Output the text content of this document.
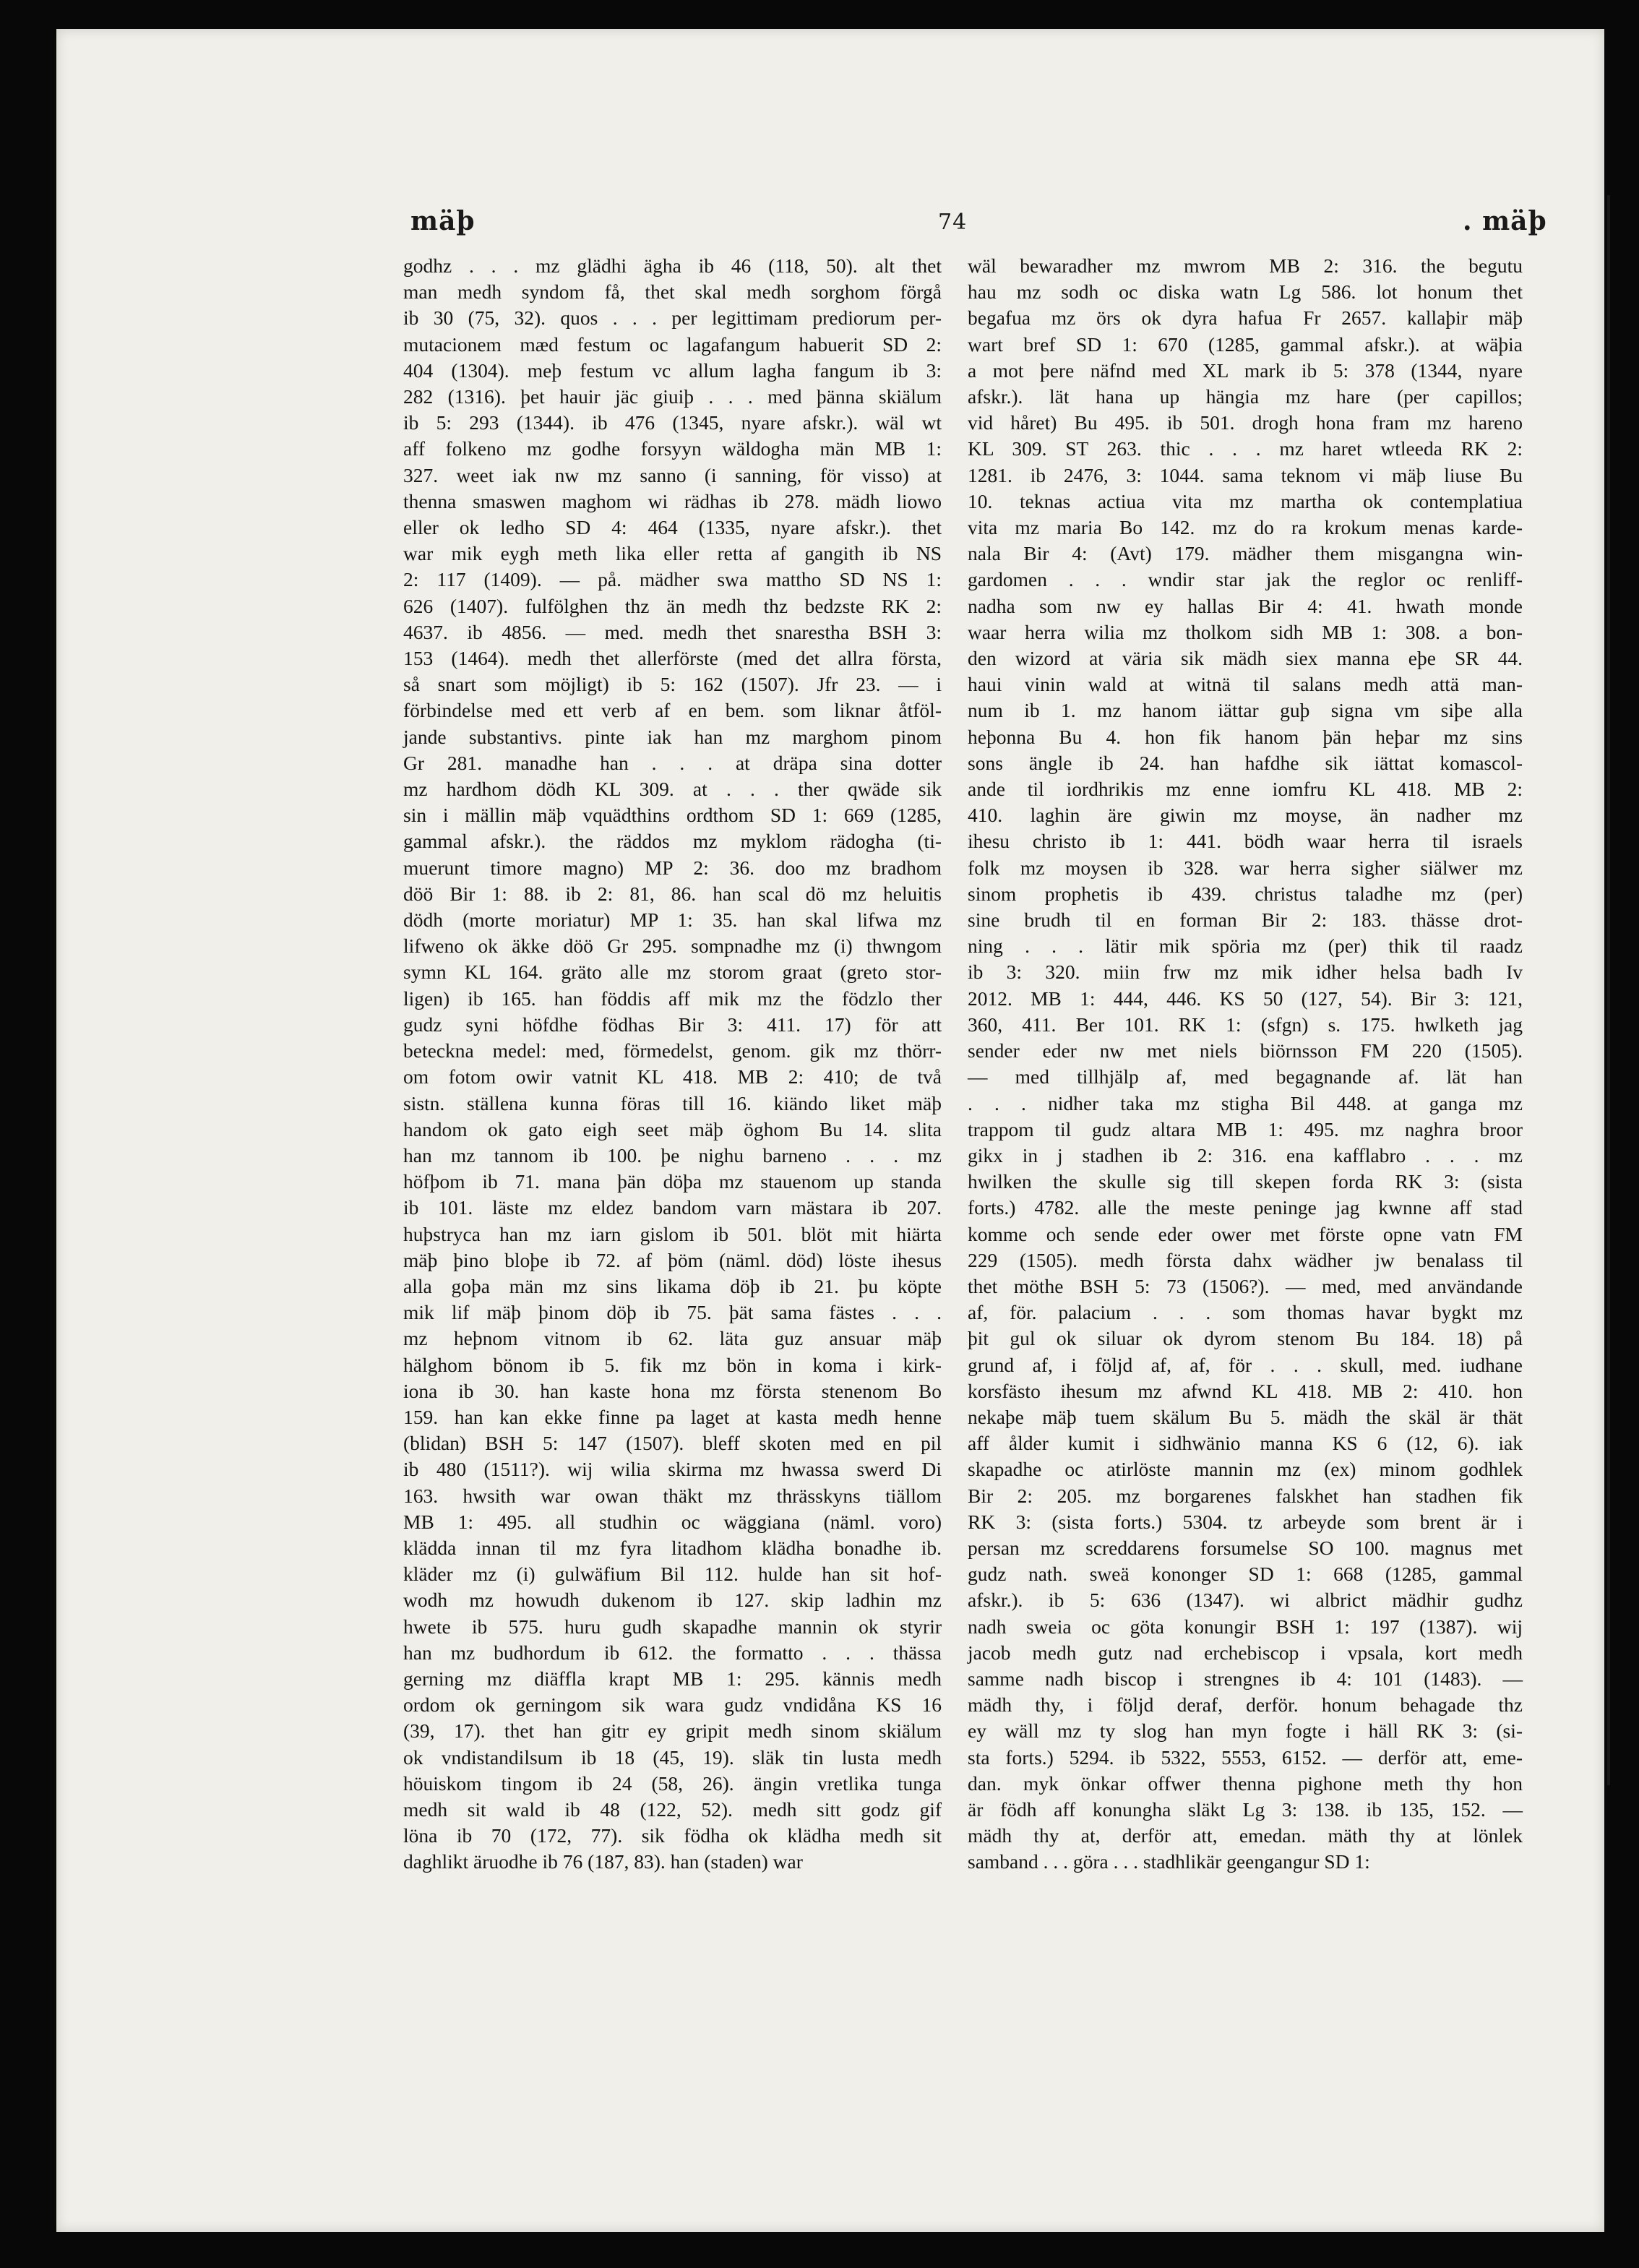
mäþ	74	. mäþ

godhz . . . mz glädhi ägha ib 46 (118, 50). alt thet

man medh syndom få, thet skal medh sorghom förgå

ib 30 (75, 32). quos . . . per legittimam prediorum per-

mutacionem mæd festum oc lagafangum habuerit SD 2:

404 (1304). meþ festum vc allum lagha fangum ib 3:

282 (1316). þet hauir jäc giuiþ . . . med þänna skiälum

ib 5: 293 (1344). ib 476 (1345, nyare afskr.). wäl wt

aff folkeno mz godhe forsyyn wäldogha män MB 1:

327. weet iak nw mz sanno (i sanning, för visso) at

thenna smaswen maghom wi rädhas ib 278. mädh liowo

eller ok ledho SD 4: 464 (1335, nyare afskr.). thet

war mik eygh meth lika eller retta af gangith ib NS

2: 117 (1409). — på. mädher swa mattho SD NS 1:

626 (1407). fulfölghen thz än medh thz bedzste RK 2:

4637. ib 4856. — med. medh thet snarestha BSH 3:

153 (1464). medh thet allerförste (med det allra första,

så snart som möjligt) ib 5: 162 (1507). Jfr 23. — i

förbindelse med ett verb af en bem. som liknar åtföl-

jande substantivs. pinte iak han mz marghom pinom

Gr 281. manadhe han . . . at dräpa sina dotter

mz hardhom dödh KL 309. at . . . ther qwäde sik

sin i mällin mäþ vquädthins ordthom SD 1: 669 (1285,

gammal afskr.). the räddos mz myklom rädogha (ti-

muerunt timore magno) MP 2: 36. doo mz bradhom

döö Bir 1: 88. ib 2: 81, 86. han scal dö mz heluitis

dödh (morte moriatur) MP 1: 35. han skal lifwa mz

lifweno ok äkke döö Gr 295. sompnadhe mz (i) thwngom

symn KL 164. gräto alle mz storom graat (greto stor-

ligen) ib 165. han föddis aff mik mz the födzlo ther

gudz syni höfdhe födhas Bir 3: 411. 17) för att

beteckna medel: med, förmedelst, genom. gik mz thörr-

om fotom owir vatnit KL 418. MB 2: 410; de två

sistn. ställena kunna föras till 16. kiändo liket mäþ

handom ok gato eigh seet mäþ öghom Bu 14. slita

han mz tannom ib 100. þe nighu barneno . . . mz

höfþom ib 71. mana þän döþa mz stauenom up standa

ib 101. läste mz eldez bandom varn mästara ib 207.

huþstryca han mz iarn gislom ib 501. blöt mit hiärta

mäþ þino bloþe ib 72. af þöm (näml. död) löste ihesus

alla goþa män mz sins likama döþ ib 21. þu köpte

mik lif mäþ þinom döþ ib 75. þät sama fästes . . .

mz heþnom vitnom ib 62. läta guz ansuar mäþ

hälghom bönom ib 5. fik mz bön in koma i kirk-

iona ib 30. han kaste hona mz första stenenom Bo

159. han kan ekke finne pa laget at kasta medh henne

(blidan) BSH 5: 147 (1507). bleff skoten med en pil

ib 480 (1511?). wij wilia skirma mz hwassa swerd Di

163. hwsith war owan thäkt mz thrässkyns tiällom

MB 1: 495. all studhin oc wäggiana (näml. voro)

klädda innan til mz fyra litadhom klädha bonadhe ib.

kläder mz (i) gulwäfium Bil 112. hulde han sit hof-

wodh mz howudh dukenom ib 127. skip ladhin mz

hwete ib 575. huru gudh skapadhe mannin ok styrir

han mz budhordum ib 612. the formatto . . . thässa

gerning mz diäffla krapt MB 1: 295. kännis medh

ordom ok gerningom sik wara gudz vndidåna KS 16

(39, 17). thet han gitr ey gripit medh sinom skiälum

ok vndistandilsum ib 18 (45, 19). släk tin lusta medh

höuiskom tingom ib 24 (58, 26). ängin vretlika tunga

medh sit wald ib 48 (122, 52). medh sitt godz gif

löna ib 70 (172, 77). sik födha ok klädha medh sit

daghlikt äruodhe ib 76 (187, 83). han (staden) war

wäl bewaradher mz mwrom MB 2: 316. the begutu

hau mz sodh oc diska watn Lg 586. lot honum thet

begafua mz örs ok dyra hafua Fr 2657. kallaþir mäþ

wart bref SD 1: 670 (1285, gammal afskr.). at wäþia

a mot þere näfnd med XL mark ib 5: 378 (1344, nyare

afskr.). lät hana up hängia mz hare (per capillos;

vid håret) Bu 495. ib 501. drogh hona fram mz hareno

KL 309. ST 263. thic . . . mz haret wtleeda RK 2:

1281. ib 2476, 3: 1044. sama teknom vi mäþ liuse Bu

10. teknas actiua vita mz martha ok contemplatiua

vita mz maria Bo 142. mz do ra krokum menas karde-

nala Bir 4: (Avt) 179. mädher them misgangna win-

gardomen . . . wndir star jak the reglor oc renliff-

nadha som nw ey hallas Bir 4: 41. hwath monde

waar herra wilia mz tholkom sidh MB 1: 308. a bon-

den wizord at väria sik mädh siex manna eþe SR 44.

haui vinin wald at witnä til salans medh attä man-

num ib 1. mz hanom iättar guþ signa vm siþe alla

heþonna Bu 4. hon fik hanom þän heþar mz sins

sons ängle ib 24. han hafdhe sik iättat komascol-

ande til iordhrikis mz enne iomfru KL 418. MB 2:

410. laghin äre giwin mz moyse, än nadher mz

ihesu christo ib 1: 441. bödh waar herra til israels

folk mz moysen ib 328. war herra sigher siälwer mz

sinom prophetis ib 439. christus taladhe mz (per)

sine brudh til en forman Bir 2: 183. thässe drot-

ning . . . lätir mik spöria mz (per) thik til raadz

ib 3: 320. miin frw mz mik idher helsa badh Iv

2012. MB 1: 444, 446. KS 50 (127, 54). Bir 3: 121,

360, 411. Ber 101. RK 1: (sfgn) s. 175. hwlketh jag

sender eder nw met niels biörnsson FM 220 (1505).

— med tillhjälp af, med begagnande af. lät han

. . . nidher taka mz stigha Bil 448. at ganga mz

trappom til gudz altara MB 1: 495. mz naghra broor

gikx in j stadhen ib 2: 316. ena kafflabro . . . mz

hwilken the skulle sig till skepen forda RK 3: (sista

forts.) 4782. alle the meste peninge jag kwnne aff stad

komme och sende eder ower met förste opne vatn FM

229 (1505). medh första dahx wädher jw benalass til

thet möthe BSH 5: 73 (1506?). — med, med användande

af, för. palacium . . . som thomas havar bygkt mz

þit gul ok siluar ok dyrom stenom Bu 184. 18) på

grund af, i följd af, af, för . . . skull, med. iudhane

korsfästo ihesum mz afwnd KL 418. MB 2: 410. hon

nekaþe mäþ tuem skälum Bu 5. mädh the skäl är thät

aff ålder kumit i sidhwänio manna KS 6 (12, 6). iak

skapadhe oc atirlöste mannin mz (ex) minom godhlek

Bir 2: 205. mz borgarenes falskhet han stadhen fik

RK 3: (sista forts.) 5304. tz arbeyde som brent är i

persan mz screddarens forsumelse SO 100. magnus met

gudz nath. sweä kononger SD 1: 668 (1285, gammal

afskr.). ib 5: 636 (1347). wi albrict mädhir gudhz

nadh sweia oc göta konungir BSH 1: 197 (1387). wij

jacob medh gutz nad erchebiscop i vpsala, kort medh

samme nadh biscop i strengnes ib 4: 101 (1483). —

mädh thy, i följd deraf, derför. honum behagade thz

ey wäll mz ty slog han myn fogte i häll RK 3: (si-

sta forts.) 5294. ib 5322, 5553, 6152. — derför att, eme-

dan. myk önkar offwer thenna pighone meth thy hon

är födh aff konungha släkt Lg 3: 138. ib 135, 152. —

mädh thy at, derför att, emedan. mäth thy at lönlek

samband . . . göra . . . stadhlikär geengangur SD 1:
